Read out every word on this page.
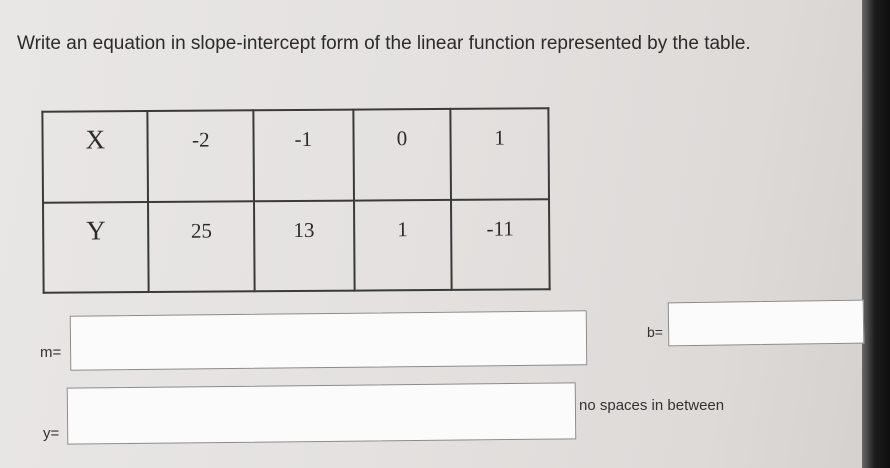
Write an equation in slope-intercept form of the linear function represented by the table.
X	-2	-1	0	1
Y	25	13	1	-11
m=
b=
y=
no spaces in between
